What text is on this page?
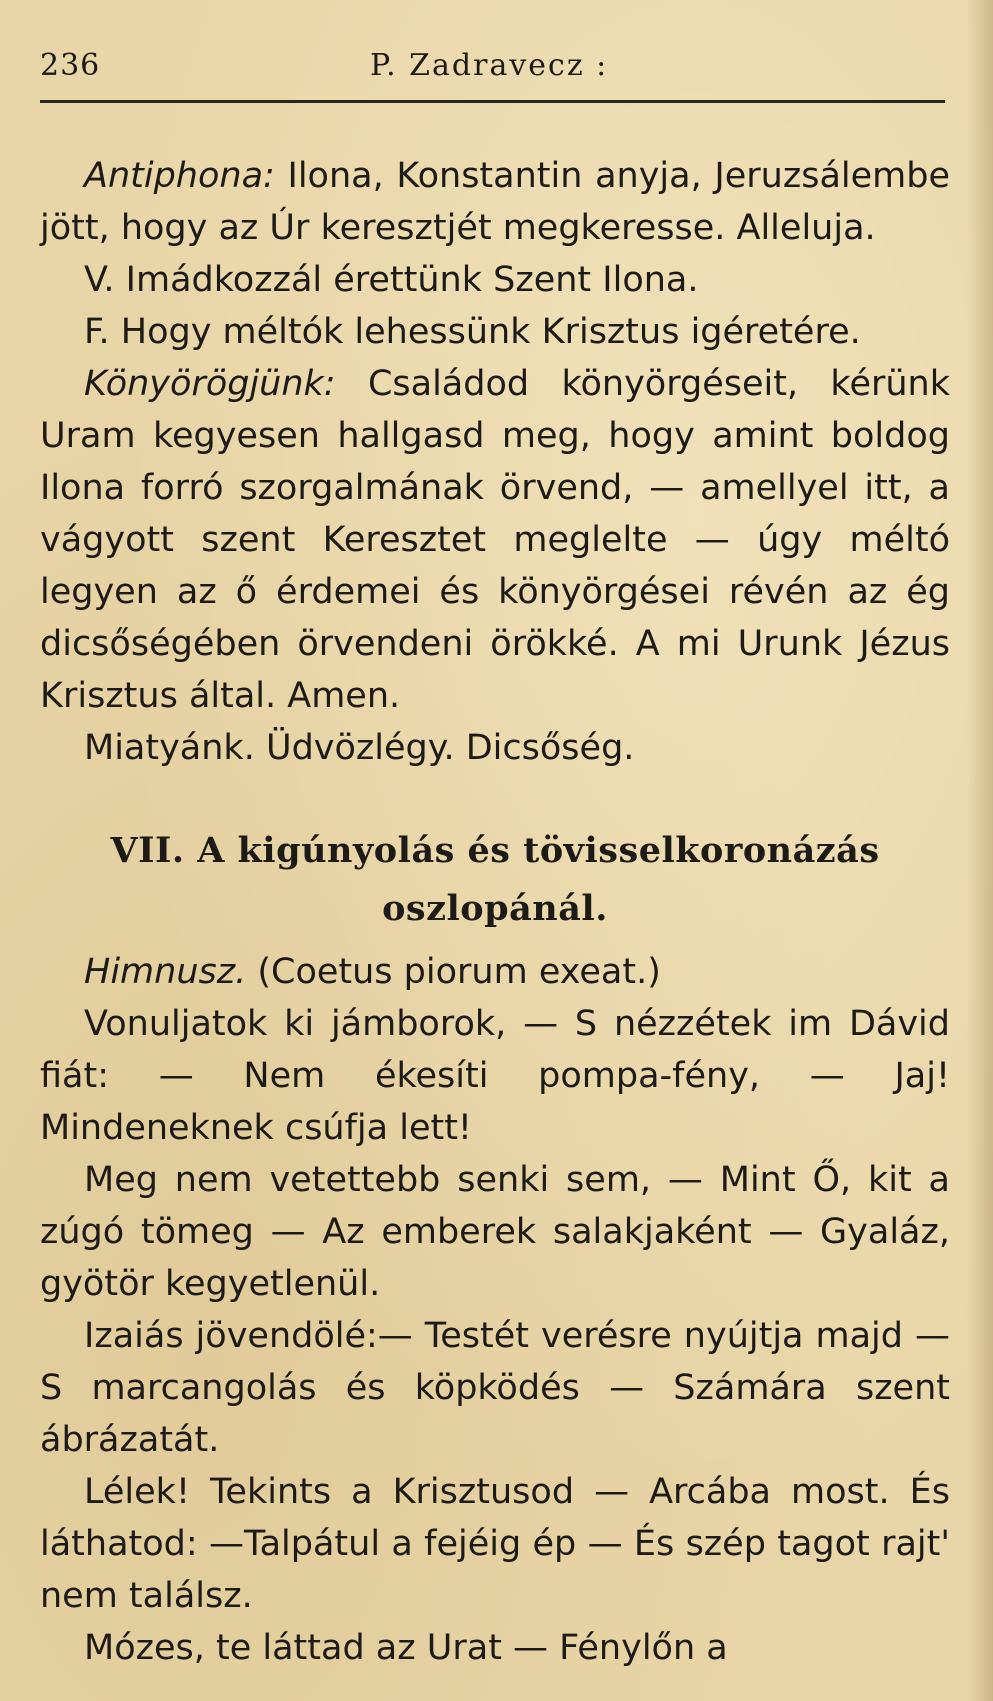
236	P. Zadravecz :

Antiphona: Ilona, Konstantin anyja, Jeruzsálembe jött, hogy az Úr keresztjét megkeresse. Alleluja.

V. Imádkozzál érettünk Szent Ilona.

F. Hogy méltók lehessünk Krisztus igéretére.

Könyörögjünk: Családod könyörgéseit, kérünk Uram kegyesen hallgasd meg, hogy amint boldog Ilona forró szorgalmának örvend, — amellyel itt, a vágyott szent Keresztet meglelte — úgy méltó legyen az ő érdemei és könyörgései révén az ég dicsőségében örvendeni örökké. A mi Urunk Jézus Krisztus által. Amen.

Miatyánk. Üdvözlégy. Dicsőség.

VII. A kigúnyolás és tövisselkoronázás
oszlopánál.

Himnusz. (Coetus piorum exeat.)

Vonuljatok ki jámborok, — S nézzétek im Dávid fiát: — Nem ékesíti pompa-fény, — Jaj! Mindeneknek csúfja lett!

Meg nem vetettebb senki sem, — Mint Ő, kit a zúgó tömeg — Az emberek salakjaként — Gyaláz, gyötör kegyetlenül.

Izaiás jövendölé:— Testét verésre nyújtja majd — S marcangolás és köpködés — Számára szent ábrázatát.

Lélek! Tekints a Krisztusod — Arcába most. És láthatod: —Talpátul a fejéig ép — És szép tagot rajt' nem találsz.

Mózes, te láttad az Urat — Fénylőn a
